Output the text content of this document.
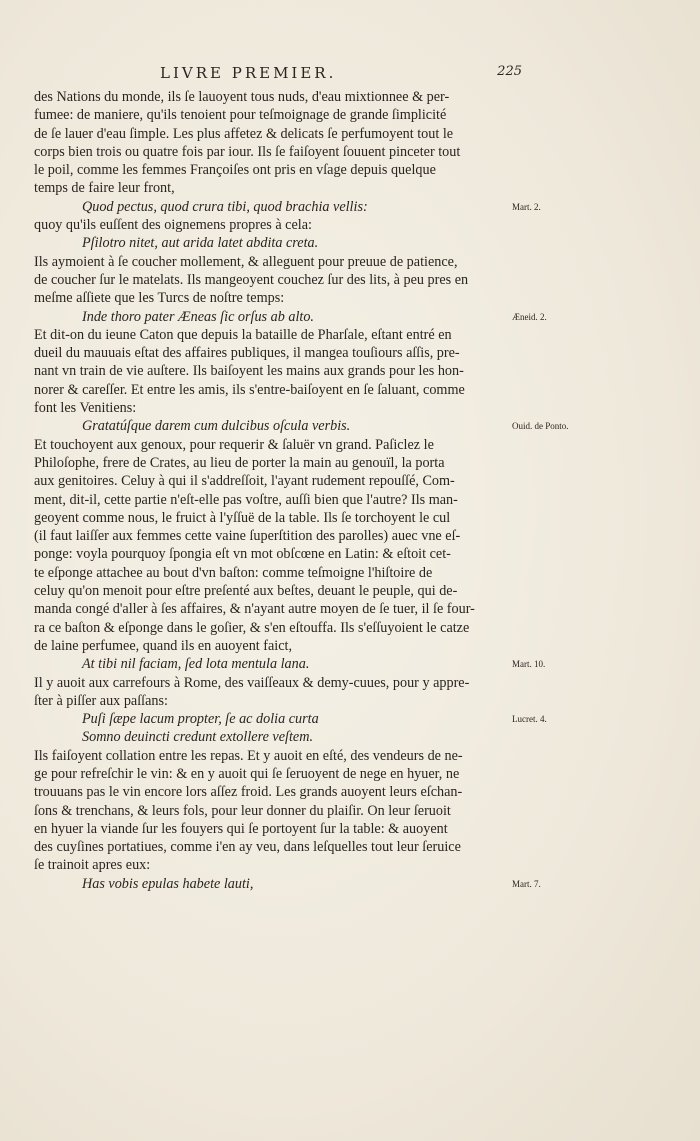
LIVRE PREMIER.	225
des Nations du monde, ils ſe lauoyent tous nuds, d'eau mixtionnee & per-
fumee: de maniere, qu'ils tenoient pour teſmoignage de grande ſimplicité
de ſe lauer d'eau ſimple. Les plus affetez & delicats ſe perfumoyent tout le
corps bien trois ou quatre fois par iour. Ils ſe faiſoyent ſouuent pinceter tout
le poil, comme les femmes Françoiſes ont pris en vſage depuis quelque
temps de faire leur front,
Quod pectus, quod crura tibi, quod brachia vellis:
quoy qu'ils euſſent des oignemens propres à cela:
Pſilotro nitet, aut arida latet abdita creta.
Ils aymoient à ſe coucher mollement, & alleguent pour preuue de patience,
de coucher ſur le matelats. Ils mangeoyent couchez ſur des lits, à peu pres en
meſme aſſiete que les Turcs de noſtre temps:
Inde thoro pater Æneas ſic orſus ab alto.
Et dit-on du ieune Caton que depuis la bataille de Pharſale, eſtant entré en
dueil du mauuais eſtat des affaires publiques, il mangea touſiours aſſis, pre-
nant vn train de vie auſtere. Ils baiſoyent les mains aux grands pour les hon-
norer & careſſer. Et entre les amis, ils s'entre-baiſoyent en ſe ſaluant, comme
font les Venitiens:
Gratatúſque darem cum dulcibus oſcula verbis.
Et touchoyent aux genoux, pour requerir & ſaluër vn grand. Paſiclez le
Philoſophe, frere de Crates, au lieu de porter la main au genouïl, la porta
aux genitoires. Celuy à qui il s'addreſſoit, l'ayant rudement repouſſé, Com-
ment, dit-il, cette partie n'eſt-elle pas voſtre, auſſi bien que l'autre? Ils man-
geoyent comme nous, le fruict à l'yſſuë de la table. Ils ſe torchoyent le cul
(il faut laiſſer aux femmes cette vaine ſuperſtition des parolles) auec vne eſ-
ponge: voyla pourquoy ſpongia eſt vn mot obſcœne en Latin: & eſtoit cet-
te eſponge attachee au bout d'vn baſton: comme teſmoigne l'hiſtoire de
celuy qu'on menoit pour eſtre preſenté aux beſtes, deuant le peuple, qui de-
manda congé d'aller à ſes affaires, & n'ayant autre moyen de ſe tuer, il ſe four-
ra ce baſton & eſponge dans le goſier, & s'en eſtouffa. Ils s'eſſuyoient le catze
de laine perfumee, quand ils en auoyent faict,
At tibi nil faciam, ſed lota mentula lana.
Il y auoit aux carrefours à Rome, des vaiſſeaux & demy-cuues, pour y appre-
ſter à piſſer aux paſſans:
Puſi ſæpe lacum propter, ſe ac dolia curta
Somno deuincti credunt extollere veſtem.
Ils faiſoyent collation entre les repas. Et y auoit en eſté, des vendeurs de ne-
ge pour refreſchir le vin: & en y auoit qui ſe ſeruoyent de nege en hyuer, ne
trouuans pas le vin encore lors aſſez froid. Les grands auoyent leurs eſchan-
ſons & trenchans, & leurs fols, pour leur donner du plaiſir. On leur ſeruoit
en hyuer la viande ſur les fouyers qui ſe portoyent ſur la table: & auoyent
des cuyſines portatiues, comme i'en ay veu, dans leſquelles tout leur ſeruice
ſe trainoit apres eux:
Has vobis epulas habete lauti,
Mart. 2.
Æneid. 2.
Ouid. de Ponto.
Mart. 10.
Lucret. 4.
Mart. 7.
